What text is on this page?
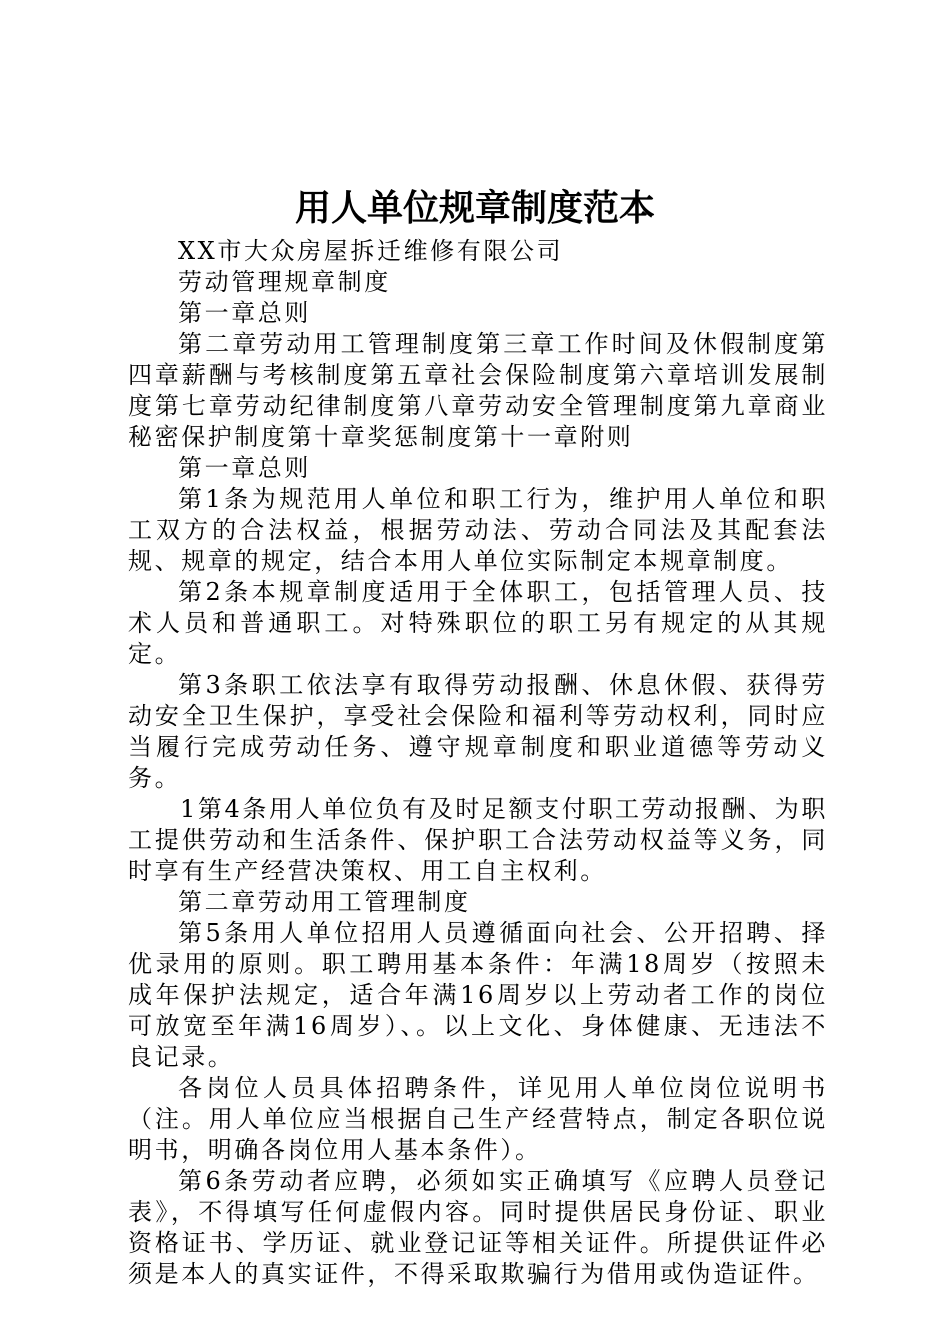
用人单位规章制度范本

XX市大众房屋拆迁维修有限公司

劳动管理规章制度

第一章总则

第二章劳动用工管理制度第三章工作时间及休假制度第四章薪酬与考核制度第五章社会保险制度第六章培训发展制度第七章劳动纪律制度第八章劳动安全管理制度第九章商业秘密保护制度第十章奖惩制度第十一章附则

第一章总则

第1条为规范用人单位和职工行为，维护用人单位和职工双方的合法权益，根据劳动法、劳动合同法及其配套法规、规章的规定，结合本用人单位实际制定本规章制度。

第2条本规章制度适用于全体职工，包括管理人员、技术人员和普通职工。对特殊职位的职工另有规定的从其规定。

第3条职工依法享有取得劳动报酬、休息休假、获得劳动安全卫生保护，享受社会保险和福利等劳动权利，同时应当履行完成劳动任务、遵守规章制度和职业道德等劳动义务。

1第4条用人单位负有及时足额支付职工劳动报酬、为职工提供劳动和生活条件、保护职工合法劳动权益等义务，同时享有生产经营决策权、用工自主权利。

第二章劳动用工管理制度

第5条用人单位招用人员遵循面向社会、公开招聘、择优录用的原则。职工聘用基本条件：年满18周岁（按照未成年保护法规定，适合年满16周岁以上劳动者工作的岗位可放宽至年满16周岁）、。以上文化、身体健康、无违法不良记录。

各岗位人员具体招聘条件，详见用人单位岗位说明书（注。用人单位应当根据自己生产经营特点，制定各职位说明书，明确各岗位用人基本条件）。

第6条劳动者应聘，必须如实正确填写《应聘人员登记表》，不得填写任何虚假内容。同时提供居民身份证、职业资格证书、学历证、就业登记证等相关证件。所提供证件必须是本人的真实证件，不得采取欺骗行为借用或伪造证件。
